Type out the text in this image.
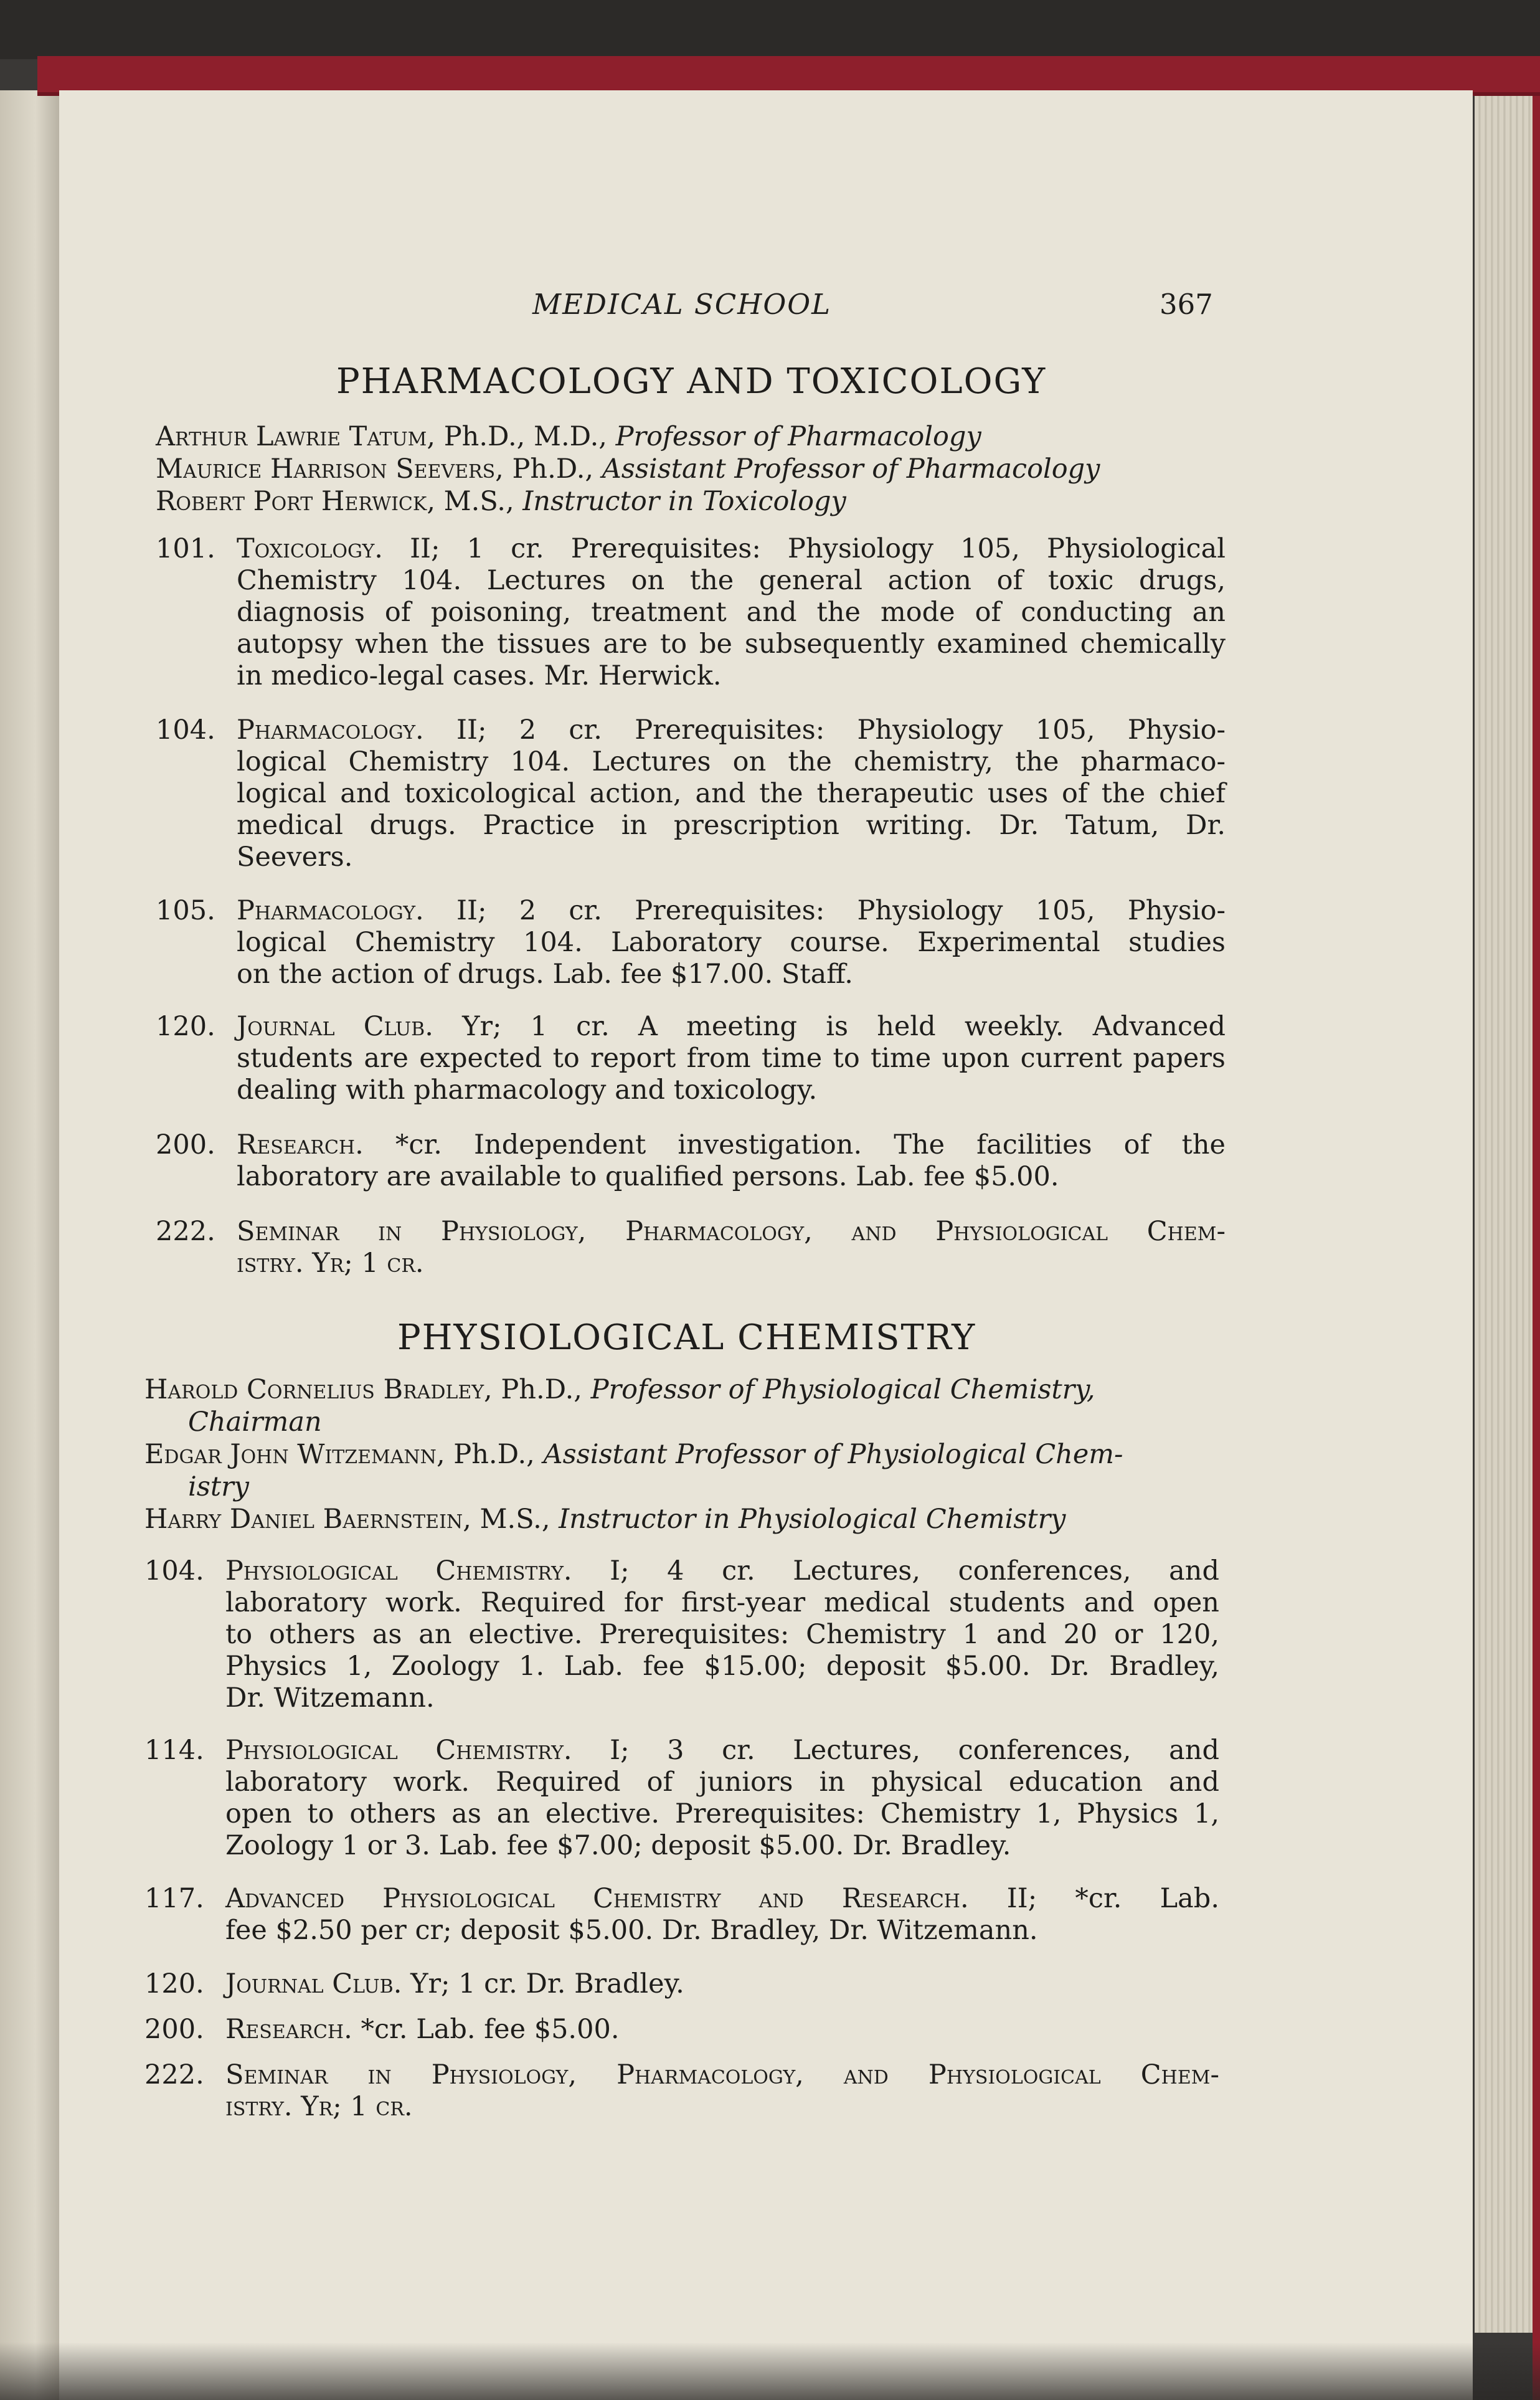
MEDICAL SCHOOL	367
PHARMACOLOGY AND TOXICOLOGY
Arthur Lawrie Tatum, Ph.D., M.D., Professor of Pharmacology
Maurice Harrison Seevers, Ph.D., Assistant Professor of Pharmacology
Robert Port Herwick, M.S., Instructor in Toxicology
101. Toxicology. II; 1 cr. Prerequisites: Physiology 105, Physiological
Chemistry 104. Lectures on the general action of toxic drugs,
diagnosis of poisoning, treatment and the mode of conducting an
autopsy when the tissues are to be subsequently examined chemically
in medico-legal cases. Mr. Herwick.
104. Pharmacology. II; 2 cr. Prerequisites: Physiology 105, Physio-
logical Chemistry 104. Lectures on the chemistry, the pharmaco-
logical and toxicological action, and the therapeutic uses of the chief
medical drugs. Practice in prescription writing. Dr. Tatum, Dr.
Seevers.
105. Pharmacology. II; 2 cr. Prerequisites: Physiology 105, Physio-
logical Chemistry 104. Laboratory course. Experimental studies
on the action of drugs. Lab. fee $17.00. Staff.
120. Journal Club. Yr; 1 cr. A meeting is held weekly. Advanced
students are expected to report from time to time upon current papers
dealing with pharmacology and toxicology.
200. Research. *cr. Independent investigation. The facilities of the
laboratory are available to qualified persons. Lab. fee $5.00.
222. Seminar in Physiology, Pharmacology, and Physiological Chem-
istry. Yr; 1 cr.
PHYSIOLOGICAL CHEMISTRY
Harold Cornelius Bradley, Ph.D., Professor of Physiological Chemistry,
Chairman
Edgar John Witzemann, Ph.D., Assistant Professor of Physiological Chem-
istry
Harry Daniel Baernstein, M.S., Instructor in Physiological Chemistry
104. Physiological Chemistry. I; 4 cr. Lectures, conferences, and
laboratory work. Required for first-year medical students and open
to others as an elective. Prerequisites: Chemistry 1 and 20 or 120,
Physics 1, Zoology 1. Lab. fee $15.00; deposit $5.00. Dr. Bradley,
Dr. Witzemann.
114. Physiological Chemistry. I; 3 cr. Lectures, conferences, and
laboratory work. Required of juniors in physical education and
open to others as an elective. Prerequisites: Chemistry 1, Physics 1,
Zoology 1 or 3. Lab. fee $7.00; deposit $5.00. Dr. Bradley.
117. Advanced Physiological Chemistry and Research. II; *cr. Lab.
fee $2.50 per cr; deposit $5.00. Dr. Bradley, Dr. Witzemann.
120. Journal Club. Yr; 1 cr. Dr. Bradley.
200. Research. *cr. Lab. fee $5.00.
222. Seminar in Physiology, Pharmacology, and Physiological Chem-
istry. Yr; 1 cr.
